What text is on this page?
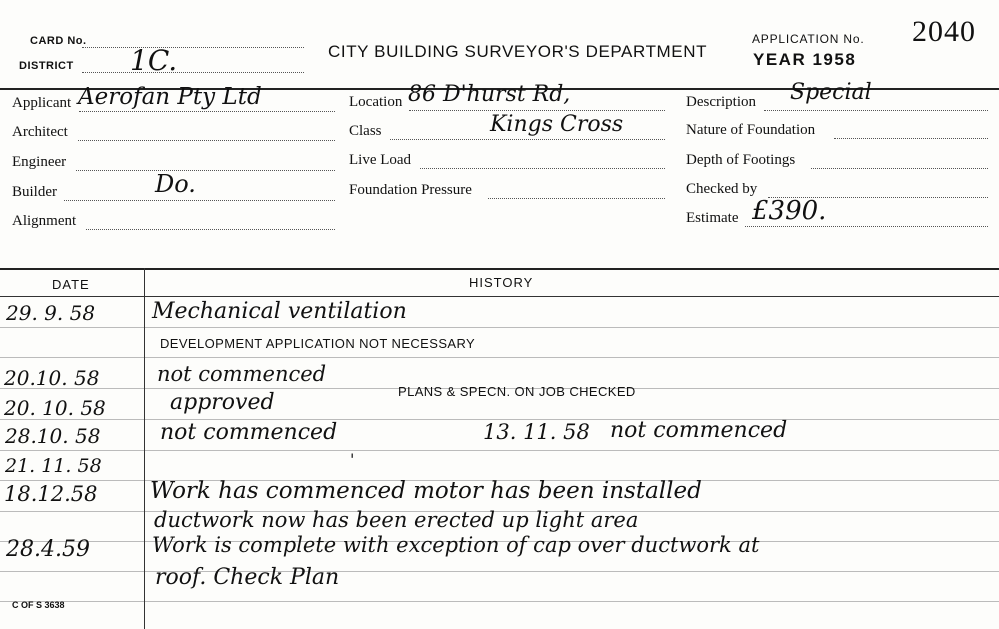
CARD No.
DISTRICT 1C.	CITY BUILDING SURVEYOR'S DEPARTMENT
APPLICATION No. 2040
YEAR 1958
Applicant Aerofan Pty Ltd
Architect
Engineer
Builder	Do.
Alignment
Location 86 D'hurst Rd,
Class	Kings Cross
Live Load
Foundation Pressure
Description Special
Nature of Foundation
Depth of Footings
Checked by
Estimate £390.
DATE	HISTORY
29. 9. 58	Mechanical ventilation
DEVELOPMENT APPLICATION NOT NECESSARY
20.10. 58	not commenced
20. 10. 58	approved	PLANS & SPECN. ON JOB CHECKED
28.10. 58	not commenced	13. 11. 58 not commenced
21. 11. 58	'
18.12.58 Work has commenced motor has been installed
ductwork now has been erected up light area
28.4.59	Work is complete with exception of cap over ductwork at
roof. Check Plan
C OF S 3638
